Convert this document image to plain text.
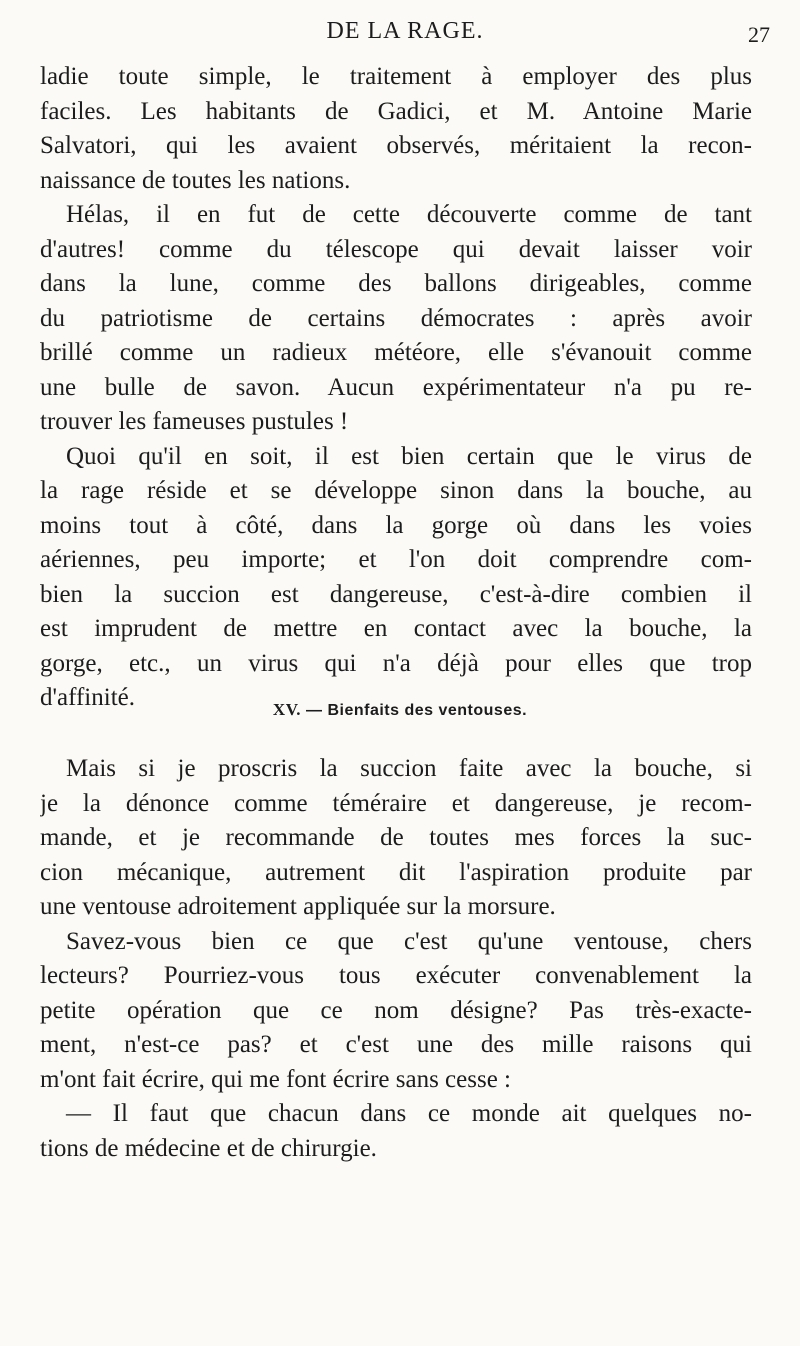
DE LA RAGE.	27
ladie toute simple, le traitement à employer des plus
faciles. Les habitants de Gadici, et M. Antoine Marie
Salvatori, qui les avaient observés, méritaient la recon-
naissance de toutes les nations.
Hélas, il en fut de cette découverte comme de tant
d'autres! comme du télescope qui devait laisser voir
dans la lune, comme des ballons dirigeables, comme
du patriotisme de certains démocrates : après avoir
brillé comme un radieux météore, elle s'évanouit comme
une bulle de savon. Aucun expérimentateur n'a pu re-
trouver les fameuses pustules !
Quoi qu'il en soit, il est bien certain que le virus de
la rage réside et se développe sinon dans la bouche, au
moins tout à côté, dans la gorge où dans les voies
aériennes, peu importe; et l'on doit comprendre com-
bien la succion est dangereuse, c'est-à-dire combien il
est imprudent de mettre en contact avec la bouche, la
gorge, etc., un virus qui n'a déjà pour elles que trop
d'affinité.	XV. — Bienfaits des ventouses.
Mais si je proscris la succion faite avec la bouche, si
je la dénonce comme téméraire et dangereuse, je recom-
mande, et je recommande de toutes mes forces la suc-
cion mécanique, autrement dit l'aspiration produite par
une ventouse adroitement appliquée sur la morsure.
Savez-vous bien ce que c'est qu'une ventouse, chers
lecteurs? Pourriez-vous tous exécuter convenablement la
petite opération que ce nom désigne? Pas très-exacte-
ment, n'est-ce pas? et c'est une des mille raisons qui
m'ont fait écrire, qui me font écrire sans cesse :
— Il faut que chacun dans ce monde ait quelques no-
tions de médecine et de chirurgie.
